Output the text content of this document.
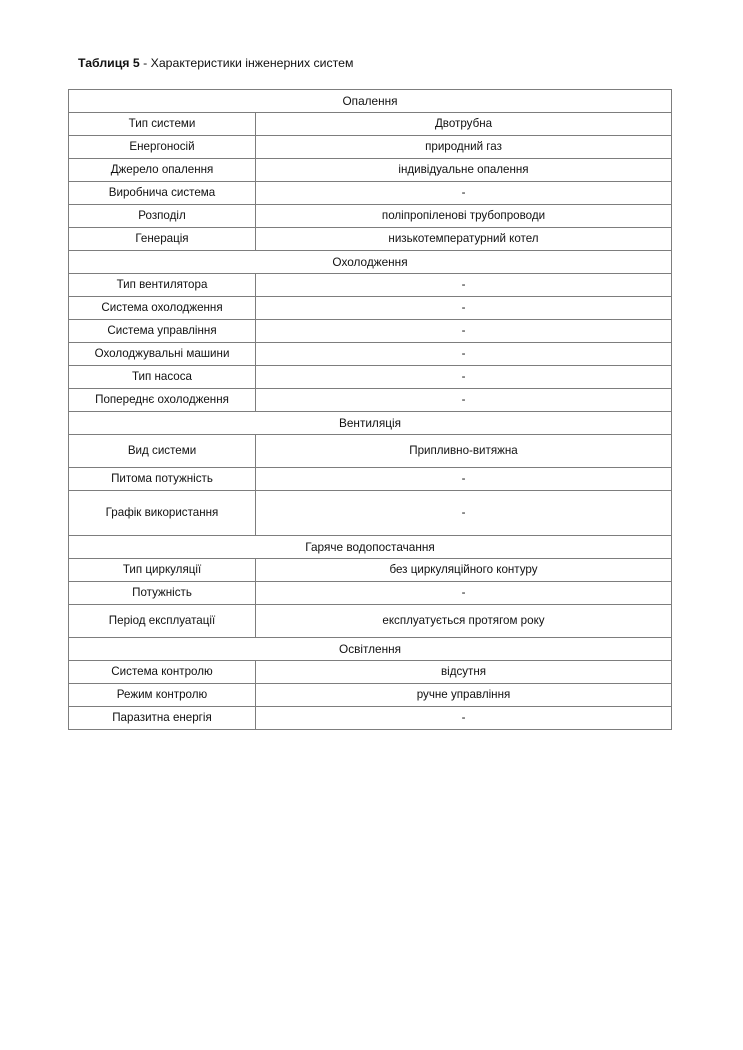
Таблиця 5 - Характеристики інженерних систем
Опалення	
Тип системи	Двотрубна
Енергоносій	природний газ
Джерело опалення	індивідуальне опалення
Виробнича система	-
Розподіл	поліпропіленові трубопроводи
Генерація	низькотемпературний котел
Охолодження	
Тип вентилятора	-
Система охолодження	-
Система управління	-
Охолоджувальні машини	-
Тип насоса	-
Попереднє охолодження	-
Вентиляція	
Вид системи	Припливно-витяжна
Питома потужність	-
Графік використання	-
Гаряче водопостачання	
Тип циркуляції	без циркуляційного контуру
Потужність	-
Період експлуатації	експлуатується протягом року
Освітлення	
Система контролю	відсутня
Режим контролю	ручне управління
Паразитна енергія	-
